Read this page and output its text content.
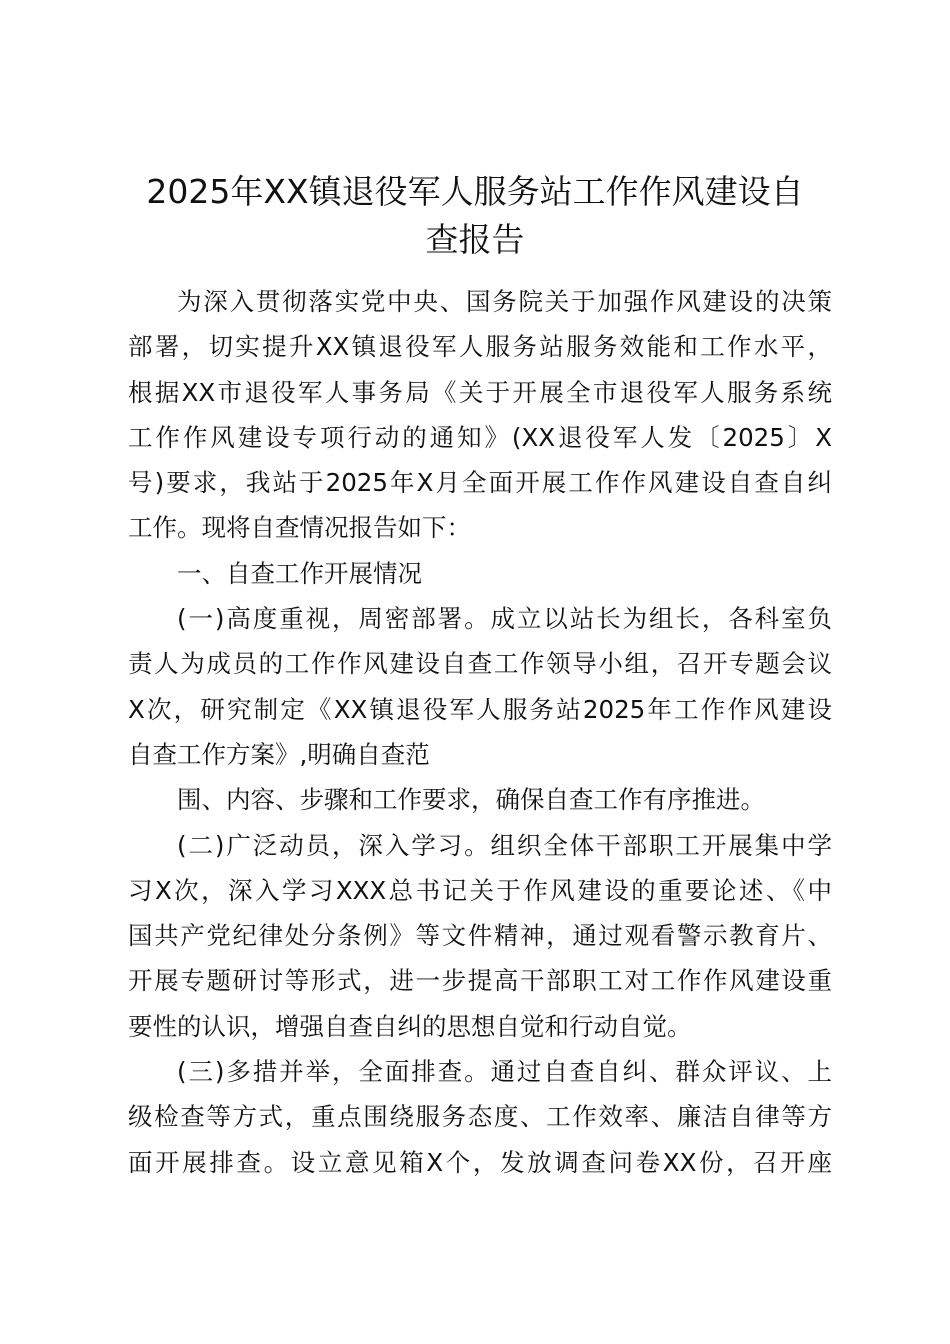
2025年XX镇退役军人服务站工作作风建设自
查报告

为深入贯彻落实党中央、国务院关于加强作风建设的决策

部署，切实提升XX镇退役军人服务站服务效能和工作水平，

根据XX市退役军人事务局《关于开展全市退役军人服务系统

工作作风建设专项行动的通知》(XX退役军人发〔2025〕X

号)要求，我站于2025年X月全面开展工作作风建设自查自纠

工作。现将自查情况报告如下：

一、自查工作开展情况

(一)高度重视，周密部署。成立以站长为组长，各科室负

责人为成员的工作作风建设自查工作领导小组，召开专题会议

X次，研究制定《XX镇退役军人服务站2025年工作作风建设

自查工作方案》,明确自查范

围、内容、步骤和工作要求，确保自查工作有序推进。

(二)广泛动员，深入学习。组织全体干部职工开展集中学

习X次，深入学习XXX总书记关于作风建设的重要论述、《中

国共产党纪律处分条例》等文件精神，通过观看警示教育片、

开展专题研讨等形式，进一步提高干部职工对工作作风建设重

要性的认识，增强自查自纠的思想自觉和行动自觉。

(三)多措并举，全面排查。通过自查自纠、群众评议、上

级检查等方式，重点围绕服务态度、工作效率、廉洁自律等方

面开展排查。设立意见箱X个，发放调查问卷XX份，召开座
